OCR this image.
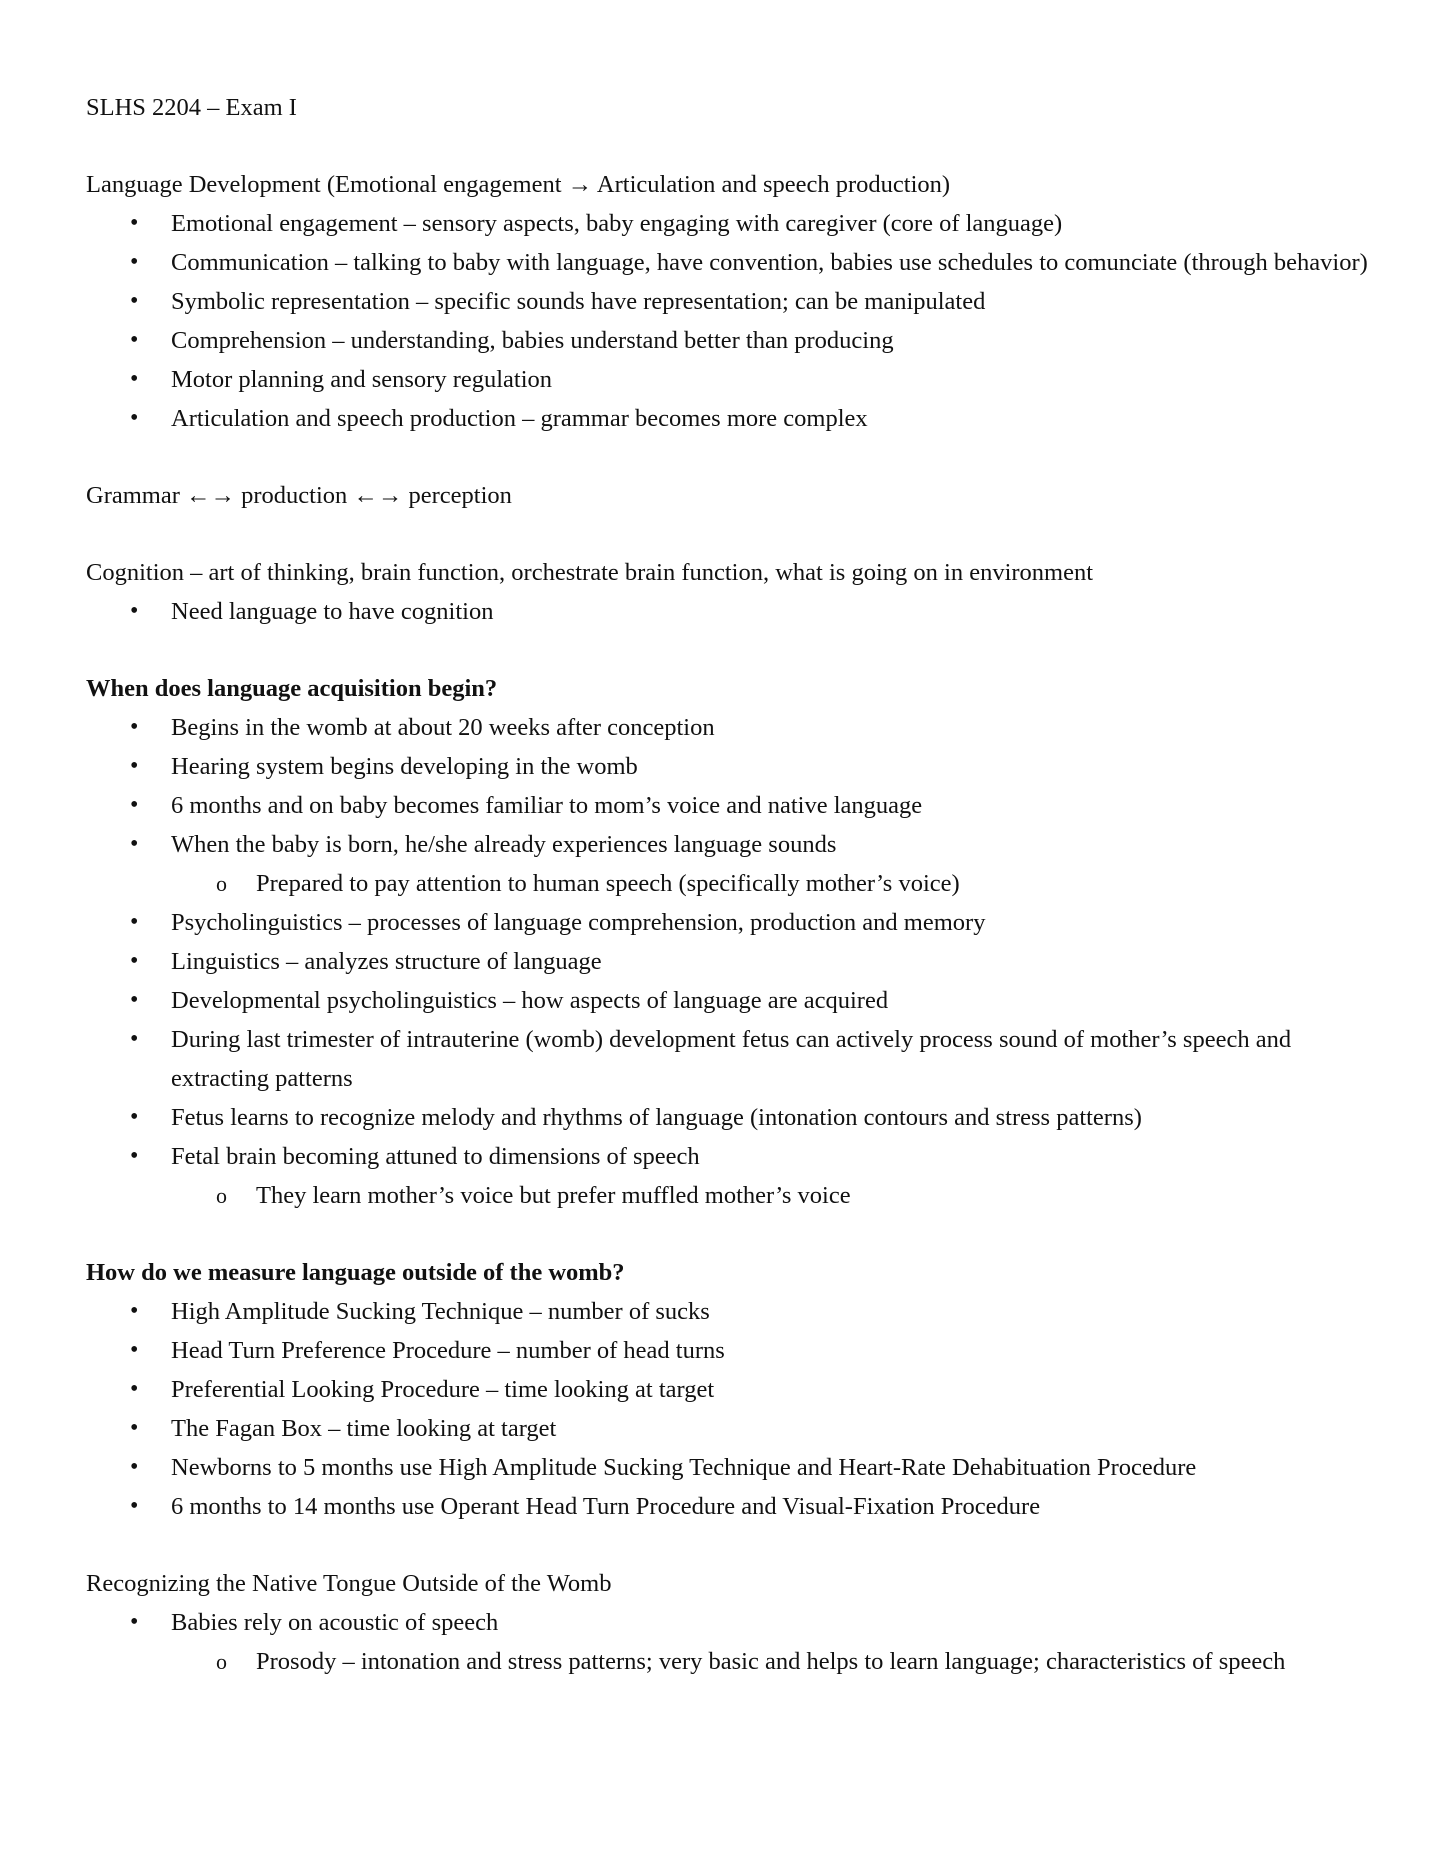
SLHS 2204 – Exam I
Language Development (Emotional engagement → Articulation and speech production)
• Emotional engagement – sensory aspects, baby engaging with caregiver (core of language)
• Communication – talking to baby with language, have convention, babies use schedules to comunciate (through behavior)
• Symbolic representation – specific sounds have representation; can be manipulated
• Comprehension – understanding, babies understand better than producing
• Motor planning and sensory regulation
• Articulation and speech production – grammar becomes more complex
Grammar ←→ production ←→ perception
Cognition – art of thinking, brain function, orchestrate brain function, what is going on in environment
• Need language to have cognition
When does language acquisition begin?
• Begins in the womb at about 20 weeks after conception
• Hearing system begins developing in the womb
• 6 months and on baby becomes familiar to mom’s voice and native language
• When the baby is born, he/she already experiences language sounds
o Prepared to pay attention to human speech (specifically mother’s voice)
• Psycholinguistics – processes of language comprehension, production and memory
• Linguistics – analyzes structure of language
• Developmental psycholinguistics – how aspects of language are acquired
• During last trimester of intrauterine (womb) development fetus can actively process sound of mother’s speech and extracting patterns
• Fetus learns to recognize melody and rhythms of language (intonation contours and stress patterns)
• Fetal brain becoming attuned to dimensions of speech
o They learn mother’s voice but prefer muffled mother’s voice
How do we measure language outside of the womb?
• High Amplitude Sucking Technique – number of sucks
• Head Turn Preference Procedure – number of head turns
• Preferential Looking Procedure – time looking at target
• The Fagan Box – time looking at target
• Newborns to 5 months use High Amplitude Sucking Technique and Heart-Rate Dehabituation Procedure
• 6 months to 14 months use Operant Head Turn Procedure and Visual-Fixation Procedure
Recognizing the Native Tongue Outside of the Womb
• Babies rely on acoustic of speech
o Prosody – intonation and stress patterns; very basic and helps to learn language; characteristics of speech
